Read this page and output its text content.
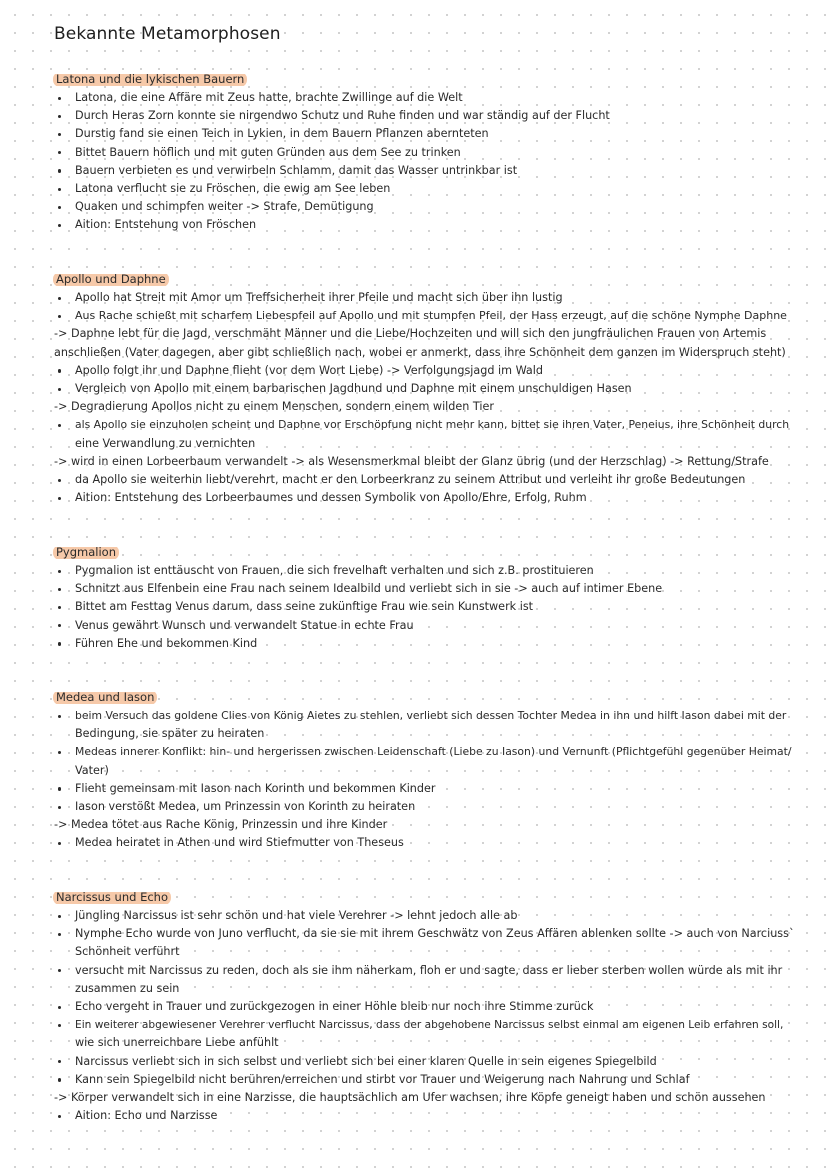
Bekannte Metamorphosen
Latona und die lykischen Bauern
Latona, die eine Affäre mit Zeus hatte, brachte Zwillinge auf die Welt
Durch Heras Zorn konnte sie nirgendwo Schutz und Ruhe finden und war ständig auf der Flucht
Durstig fand sie einen Teich in Lykien, in dem Bauern Pflanzen abernteten
Bittet Bauern höflich und mit guten Gründen aus dem See zu trinken
Bauern verbieten es und verwirbeln Schlamm, damit das Wasser untrinkbar ist
Latona verflucht sie zu Fröschen, die ewig am See leben
Quaken und schimpfen weiter -> Strafe, Demütigung
Aition: Entstehung von Fröschen
Apollo und Daphne
Apollo hat Streit mit Amor um Treffsicherheit ihrer Pfeile und macht sich über ihn lustig
Aus Rache schießt mit scharfem Liebespfeil auf Apollo und mit stumpfen Pfeil, der Hass erzeugt, auf die schöne Nymphe Daphne
-> Daphne lebt für die Jagd, verschmäht Männer und die Liebe/Hochzeiten und will sich den jungfräulichen Frauen von Artemis
anschließen (Vater dagegen, aber gibt schließlich nach, wobei er anmerkt, dass ihre Schönheit dem ganzen im Widerspruch steht)
Apollo folgt ihr und Daphne flieht (vor dem Wort Liebe) -> Verfolgungsjagd im Wald
Vergleich von Apollo mit einem barbarischen Jagdhund und Daphne mit einem unschuldigen Hasen
-> Degradierung Apollos nicht zu einem Menschen, sondern einem wilden Tier
als Apollo sie einzuholen scheint und Daphne vor Erschöpfung nicht mehr kann, bittet sie ihren Vater, Peneius, ihre Schönheit durch
eine Verwandlung zu vernichten
-> wird in einen Lorbeerbaum verwandelt -> als Wesensmerkmal bleibt der Glanz übrig (und der Herzschlag) -> Rettung/Strafe
da Apollo sie weiterhin liebt/verehrt, macht er den Lorbeerkranz zu seinem Attribut und verleiht ihr große Bedeutungen
Aition: Entstehung des Lorbeerbaumes und dessen Symbolik von Apollo/Ehre, Erfolg, Ruhm
Pygmalion
Pygmalion ist enttäuscht von Frauen, die sich frevelhaft verhalten und sich z.B. prostituieren
Schnitzt aus Elfenbein eine Frau nach seinem Idealbild und verliebt sich in sie -> auch auf intimer Ebene
Bittet am Festtag Venus darum, dass seine zukünftige Frau wie sein Kunstwerk ist
Venus gewährt Wunsch und verwandelt Statue in echte Frau
Führen Ehe und bekommen Kind
Medea und Iason
beim Versuch das goldene Clies von König Aietes zu stehlen, verliebt sich dessen Tochter Medea in ihn und hilft Iason dabei mit der
Bedingung, sie später zu heiraten
Medeas innerer Konflikt: hin- und hergerissen zwischen Leidenschaft (Liebe zu Iason) und Vernunft (Pflichtgefühl gegenüber Heimat/
Vater)
Flieht gemeinsam mit Iason nach Korinth und bekommen Kinder
Iason verstößt Medea, um Prinzessin von Korinth zu heiraten
-> Medea tötet aus Rache König, Prinzessin und ihre Kinder
Medea heiratet in Athen und wird Stiefmutter von Theseus
Narcissus und Echo
Jüngling Narcissus ist sehr schön und hat viele Verehrer -> lehnt jedoch alle ab
Nymphe Echo wurde von Juno verflucht, da sie sie mit ihrem Geschwätz von Zeus Affären ablenken sollte -> auch von Narciuss`
Schönheit verführt
versucht mit Narcissus zu reden, doch als sie ihm näherkam, floh er und sagte, dass er lieber sterben wollen würde als mit ihr
zusammen zu sein
Echo vergeht in Trauer und zurückgezogen in einer Höhle bleib nur noch ihre Stimme zurück
Ein weiterer abgewiesener Verehrer verflucht Narcissus, dass der abgehobene Narcissus selbst einmal am eigenen Leib erfahren soll,
wie sich unerreichbare Liebe anfühlt
Narcissus verliebt sich in sich selbst und verliebt sich bei einer klaren Quelle in sein eigenes Spiegelbild
Kann sein Spiegelbild nicht berühren/erreichen und stirbt vor Trauer und Weigerung nach Nahrung und Schlaf
-> Körper verwandelt sich in eine Narzisse, die hauptsächlich am Ufer wachsen, ihre Köpfe geneigt haben und schön aussehen
Aition: Echo und Narzisse
